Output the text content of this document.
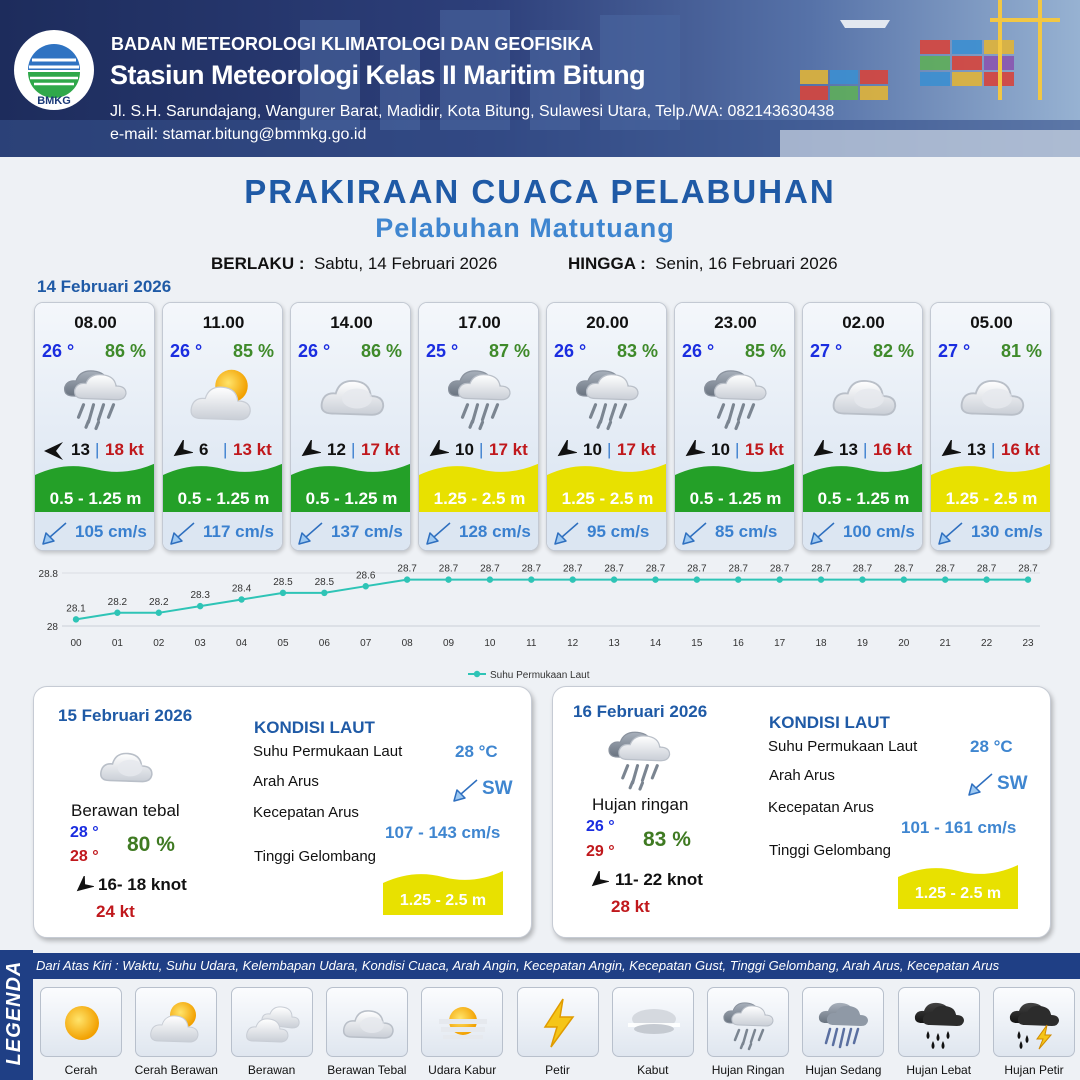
BMKG
BADAN METEOROLOGI KLIMATOLOGI DAN GEOFISIKA
Stasiun Meteorologi Kelas II Maritim Bitung
Jl. S.H. Sarundajang, Wangurer Barat, Madidir, Kota Bitung, Sulawesi Utara, Telp./WA: 082143630438
e-mail: stamar.bitung@bmmkg.go.id
PRAKIRAAN CUACA PELABUHAN
Pelabuhan Matutuang
BERLAKU : Sabtu, 14 Februari 2026	HINGGA : Senin, 16 Februari 2026
14 Februari 2026
08.00
26 ° 86 %
13 | 18 kt
0.5 - 1.25 m
105 cm/s
11.00
26 ° 85 %
6 | 13 kt
0.5 - 1.25 m
117 cm/s
14.00
26 ° 86 %
12 | 17 kt
0.5 - 1.25 m
137 cm/s
17.00
25 ° 87 %
10 | 17 kt
1.25 - 2.5 m
128 cm/s
20.00
26 ° 83 %
10 | 17 kt
1.25 - 2.5 m
95 cm/s
23.00
26 ° 85 %
10 | 15 kt
0.5 - 1.25 m
85 cm/s
02.00
27 ° 82 %
13 | 16 kt
0.5 - 1.25 m
100 cm/s
05.00
27 ° 81 %
13 | 16 kt
1.25 - 2.5 m
130 cm/s
28.8
28
28.1
00
28.2
01
28.2
02
28.3
03
28.4
04
28.5
05
28.5
06
28.6
07
28.7
08
28.7
09
28.7
10
28.7
11
28.7
12
28.7
13
28.7
14
28.7
15
28.7
16
28.7
17
28.7
18
28.7
19
28.7
20
28.7
21
28.7
22
28.7
23
Suhu Permukaan Laut
15 Februari 2026
Berawan tebal
28 °
28 °
80 %
16- 18 knot
24 kt
KONDISI LAUT
Suhu Permukaan Laut	28 °C
Arah Arus	SW
Kecepatan Arus
107 - 143 cm/s
Tinggi Gelombang
1.25 - 2.5 m
16 Februari 2026
Hujan ringan
26 °
29 °
83 %
11- 22 knot
28 kt
KONDISI LAUT
Suhu Permukaan Laut	28 °C
Arah Arus	SW
Kecepatan Arus
101 - 161 cm/s
Tinggi Gelombang
1.25 - 2.5 m
LEGENDA Dari Atas Kiri : Waktu, Suhu Udara, Kelembapan Udara, Kondisi Cuaca, Arah Angin, Kecepatan Angin, Kecepatan Gust, Tinggi Gelombang, Arah Arus, Kecepatan Arus
Cerah	Cerah Berawan	Berawan	Berawan Tebal	Udara Kabur	Petir	Kabut	Hujan Ringan	Hujan Sedang	Hujan Lebat	Hujan Petir
